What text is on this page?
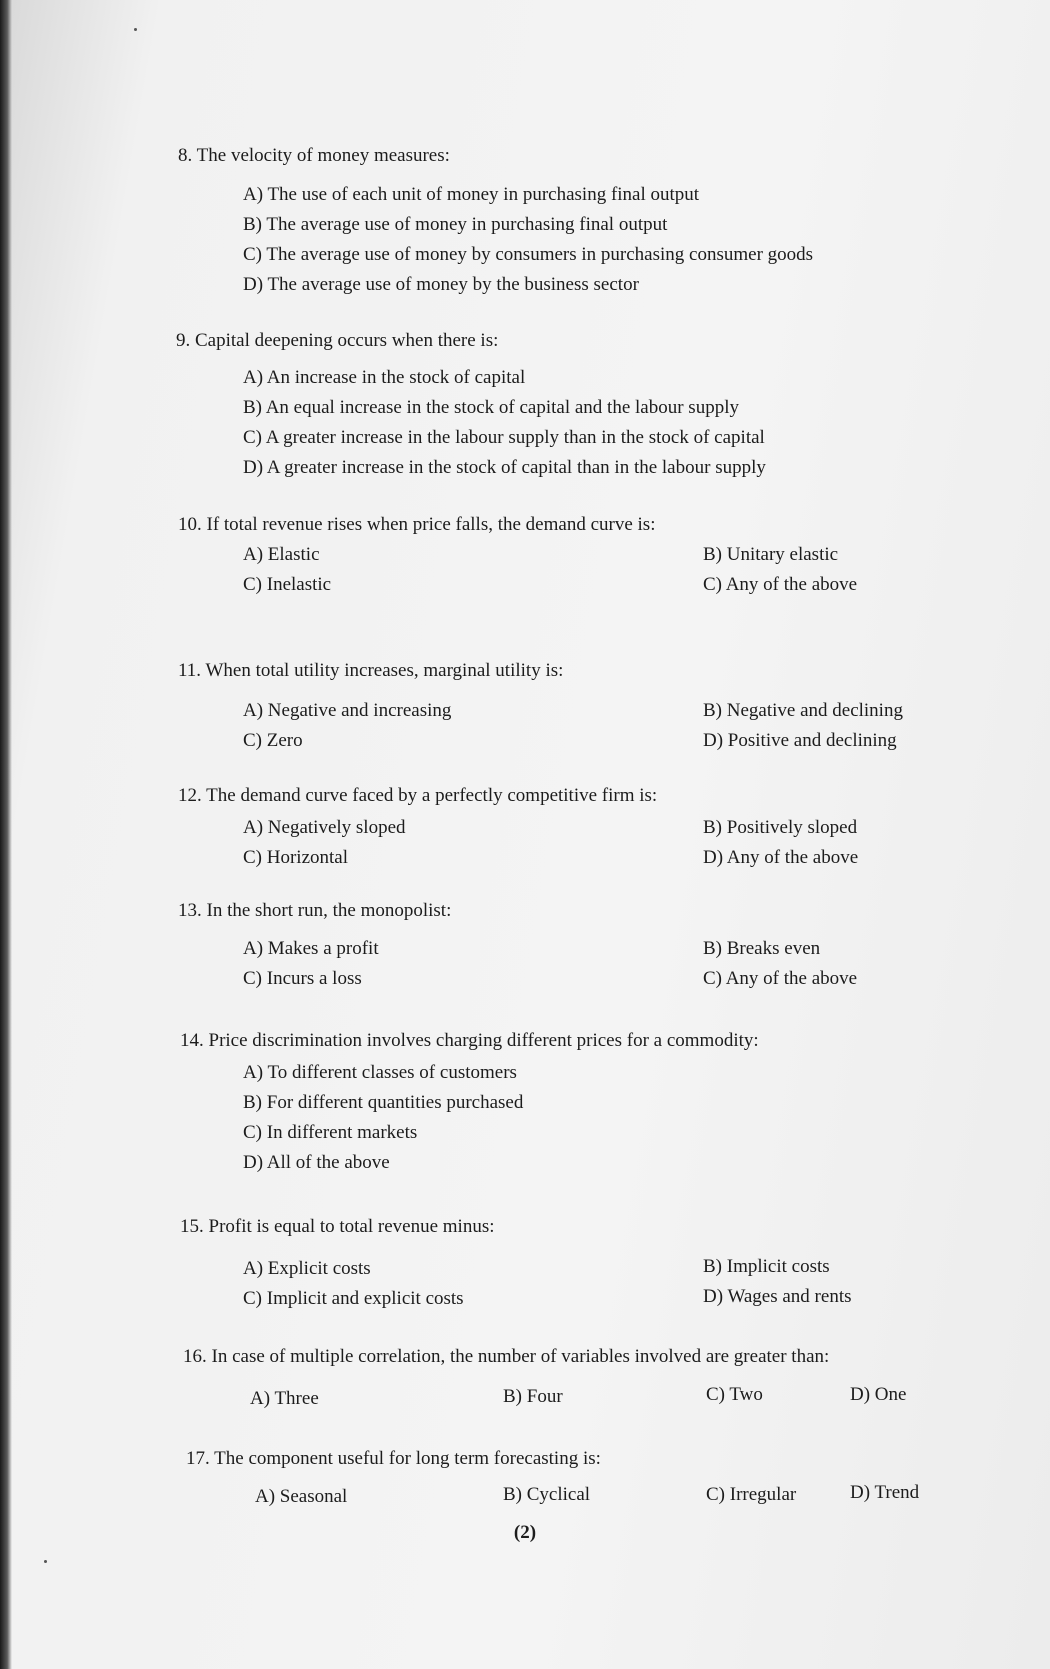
8. The velocity of money measures:

A) The use of each unit of money in purchasing final output
B) The average use of money in purchasing final output
C) The average use of money by consumers in purchasing consumer goods
D) The average use of money by the business sector

9. Capital deepening occurs when there is:

A) An increase in the stock of capital
B) An equal increase in the stock of capital and the labour supply
C) A greater increase in the labour supply than in the stock of capital
D) A greater increase in the stock of capital than in the labour supply

10. If total revenue rises when price falls, the demand curve is:

A) Elastic	B) Unitary elastic
C) Inelastic	C) Any of the above

11. When total utility increases, marginal utility is:

A) Negative and increasing	B) Negative and declining
C) Zero	D) Positive and declining

12. The demand curve faced by a perfectly competitive firm is:

A) Negatively sloped	B) Positively sloped
C) Horizontal	D) Any of the above

13. In the short run, the monopolist:

A) Makes a profit	B) Breaks even
C) Incurs a loss	C) Any of the above

14. Price discrimination involves charging different prices for a commodity:

A) To different classes of customers
B) For different quantities purchased
C) In different markets
D) All of the above

15. Profit is equal to total revenue minus:

A) Explicit costs	B) Implicit costs
C) Implicit and explicit costs	D) Wages and rents

16. In case of multiple correlation, the number of variables involved are greater than:

A) Three	B) Four	C) Two	D) One

17. The component useful for long term forecasting is:

A) Seasonal	B) Cyclical	C) Irregular	D) Trend
(2)
